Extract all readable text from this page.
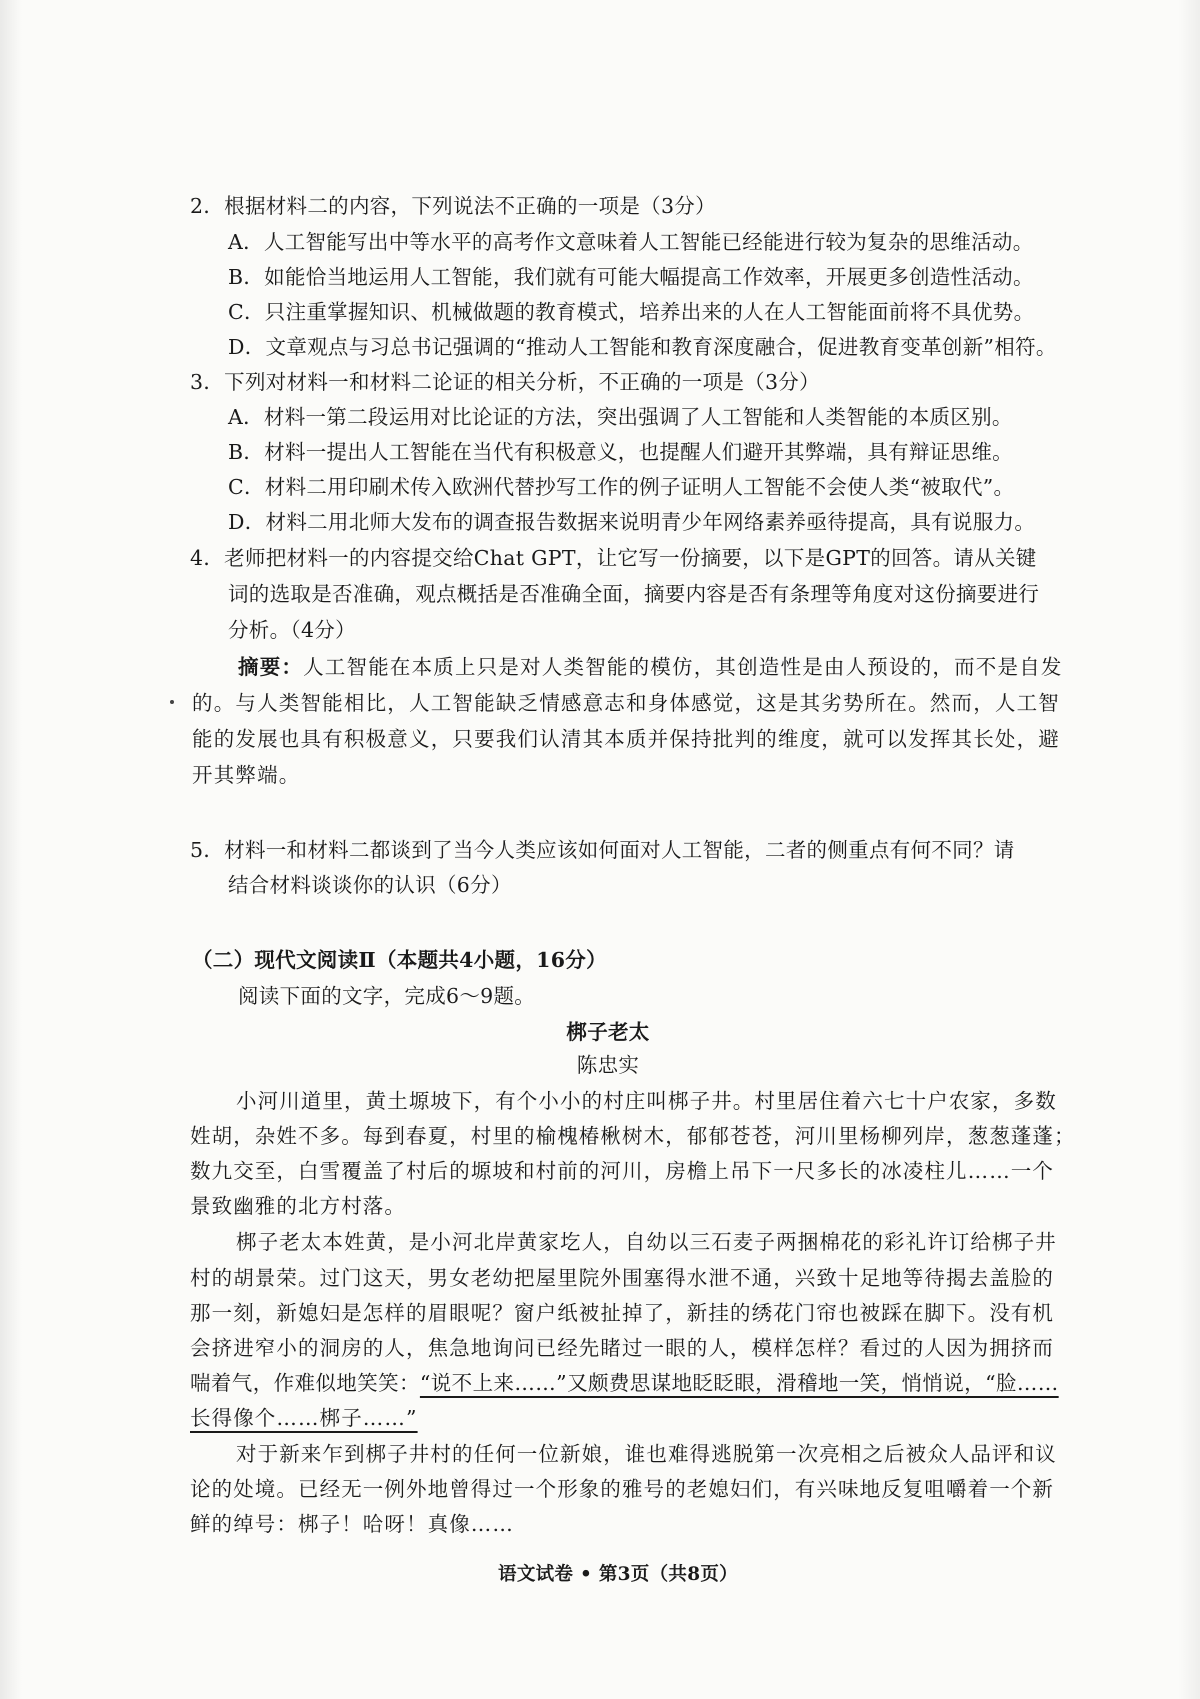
2．根据材料二的内容，下列说法不正确的一项是（3分）
A．人工智能写出中等水平的高考作文意味着人工智能已经能进行较为复杂的思维活动。
B．如能恰当地运用人工智能，我们就有可能大幅提高工作效率，开展更多创造性活动。
C．只注重掌握知识、机械做题的教育模式，培养出来的人在人工智能面前将不具优势。
D．文章观点与习总书记强调的“推动人工智能和教育深度融合，促进教育变革创新”相符。
3．下列对材料一和材料二论证的相关分析，不正确的一项是（3分）
A．材料一第二段运用对比论证的方法，突出强调了人工智能和人类智能的本质区别。
B．材料一提出人工智能在当代有积极意义，也提醒人们避开其弊端，具有辩证思维。
C．材料二用印刷术传入欧洲代替抄写工作的例子证明人工智能不会使人类“被取代”。
D．材料二用北师大发布的调查报告数据来说明青少年网络素养亟待提高，具有说服力。
4．老师把材料一的内容提交给Chat GPT，让它写一份摘要，以下是GPT的回答。请从关键
词的选取是否准确，观点概括是否准确全面，摘要内容是否有条理等角度对这份摘要进行
分析。（4分）
摘要：人工智能在本质上只是对人类智能的模仿，其创造性是由人预设的，而不是自发
的。与人类智能相比，人工智能缺乏情感意志和身体感觉，这是其劣势所在。然而，人工智
能的发展也具有积极意义，只要我们认清其本质并保持批判的维度，就可以发挥其长处，避
开其弊端。
5．材料一和材料二都谈到了当今人类应该如何面对人工智能，二者的侧重点有何不同？请
结合材料谈谈你的认识（6分）
（二）现代文阅读Ⅱ（本题共4小题，16分）
阅读下面的文字，完成6～9题。
梆子老太
陈忠实
小河川道里，黄土塬坡下，有个小小的村庄叫梆子井。村里居住着六七十户农家，多数
姓胡，杂姓不多。每到春夏，村里的榆槐椿楸树木，郁郁苍苍，河川里杨柳列岸，葱葱蓬蓬；
数九交至，白雪覆盖了村后的塬坡和村前的河川，房檐上吊下一尺多长的冰凌柱儿……一个
景致幽雅的北方村落。
梆子老太本姓黄，是小河北岸黄家圪人，自幼以三石麦子两捆棉花的彩礼许订给梆子井
村的胡景荣。过门这天，男女老幼把屋里院外围塞得水泄不通，兴致十足地等待揭去盖脸的
那一刻，新媳妇是怎样的眉眼呢？窗户纸被扯掉了，新挂的绣花门帘也被踩在脚下。没有机
会挤进窄小的洞房的人，焦急地询问已经先睹过一眼的人，模样怎样？看过的人因为拥挤而
喘着气，作难似地笑笑：“说不上来……”又颇费思谋地眨眨眼，滑稽地一笑，悄悄说，“脸……
长得像个……梆子……”
对于新来乍到梆子井村的任何一位新娘，谁也难得逃脱第一次亮相之后被众人品评和议
论的处境。已经无一例外地曾得过一个形象的雅号的老媳妇们，有兴味地反复咀嚼着一个新
鲜的绰号：梆子！哈呀！真像……
语文试卷 • 第3页（共8页）
